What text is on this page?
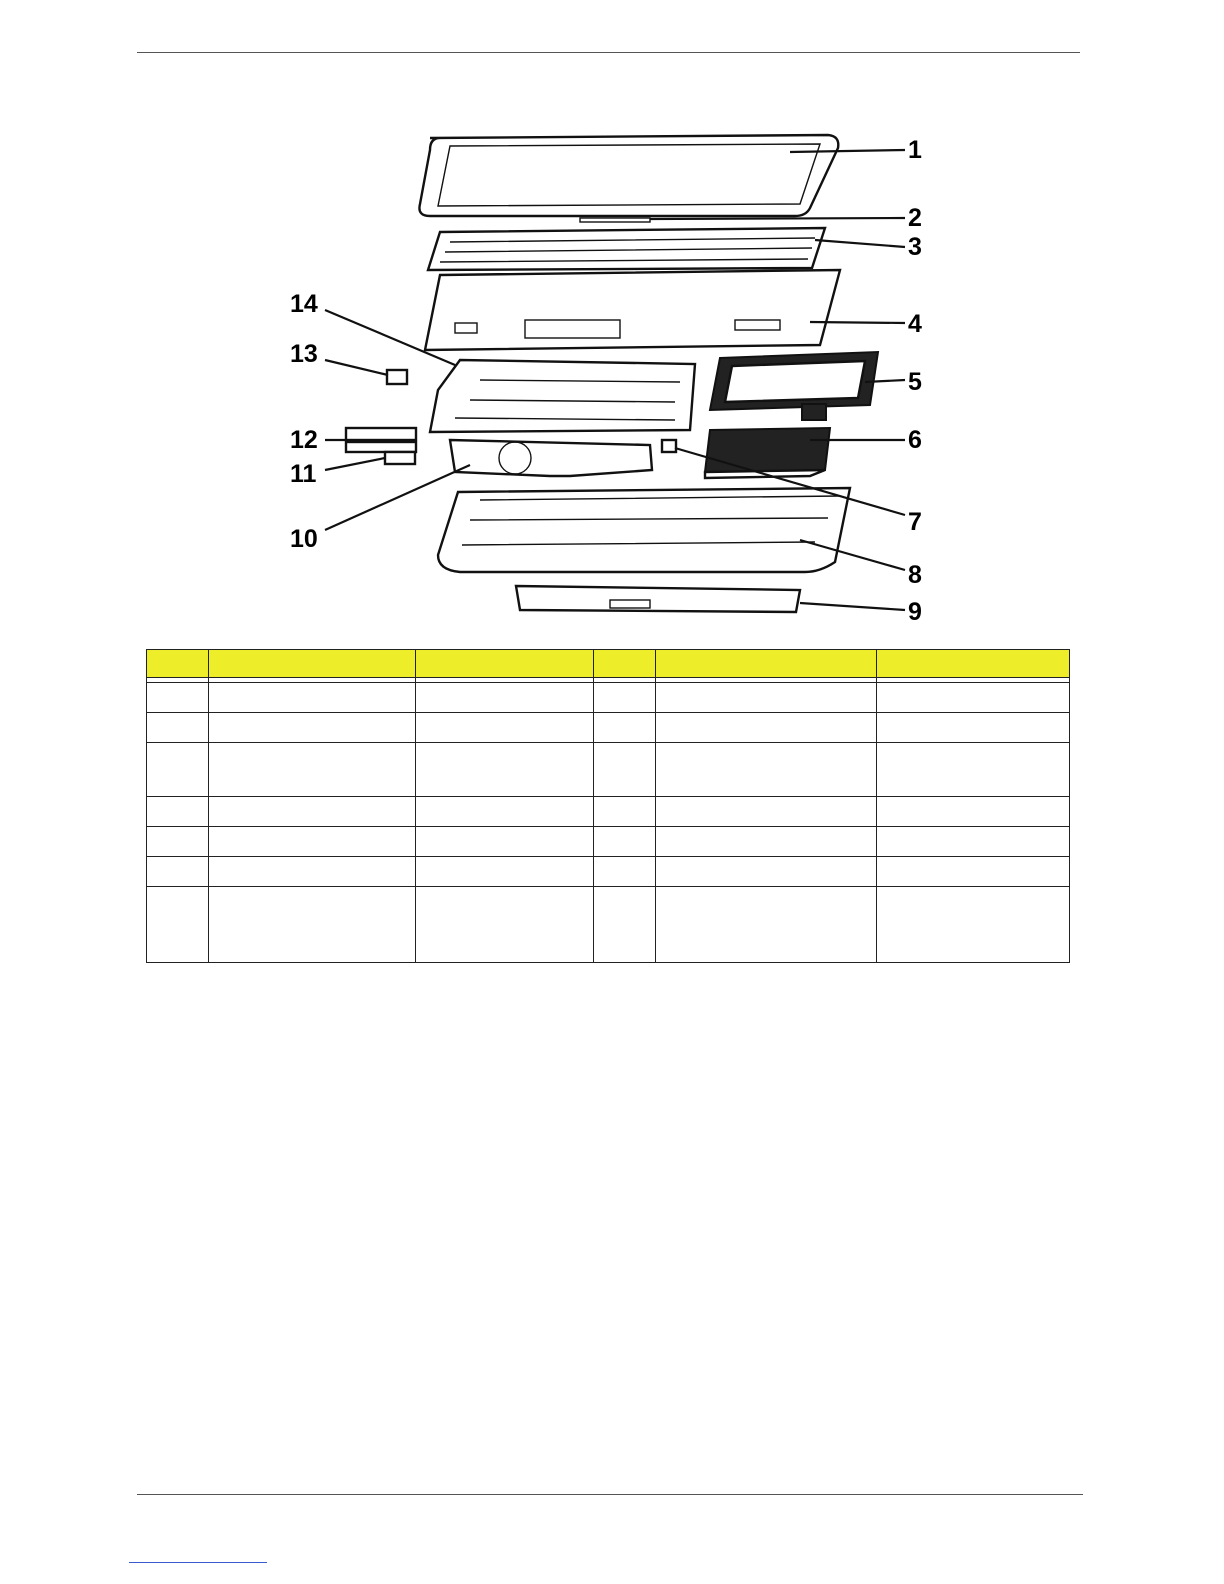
1
2
3
4
5
6
7
8
9
10
11
12
13
14
